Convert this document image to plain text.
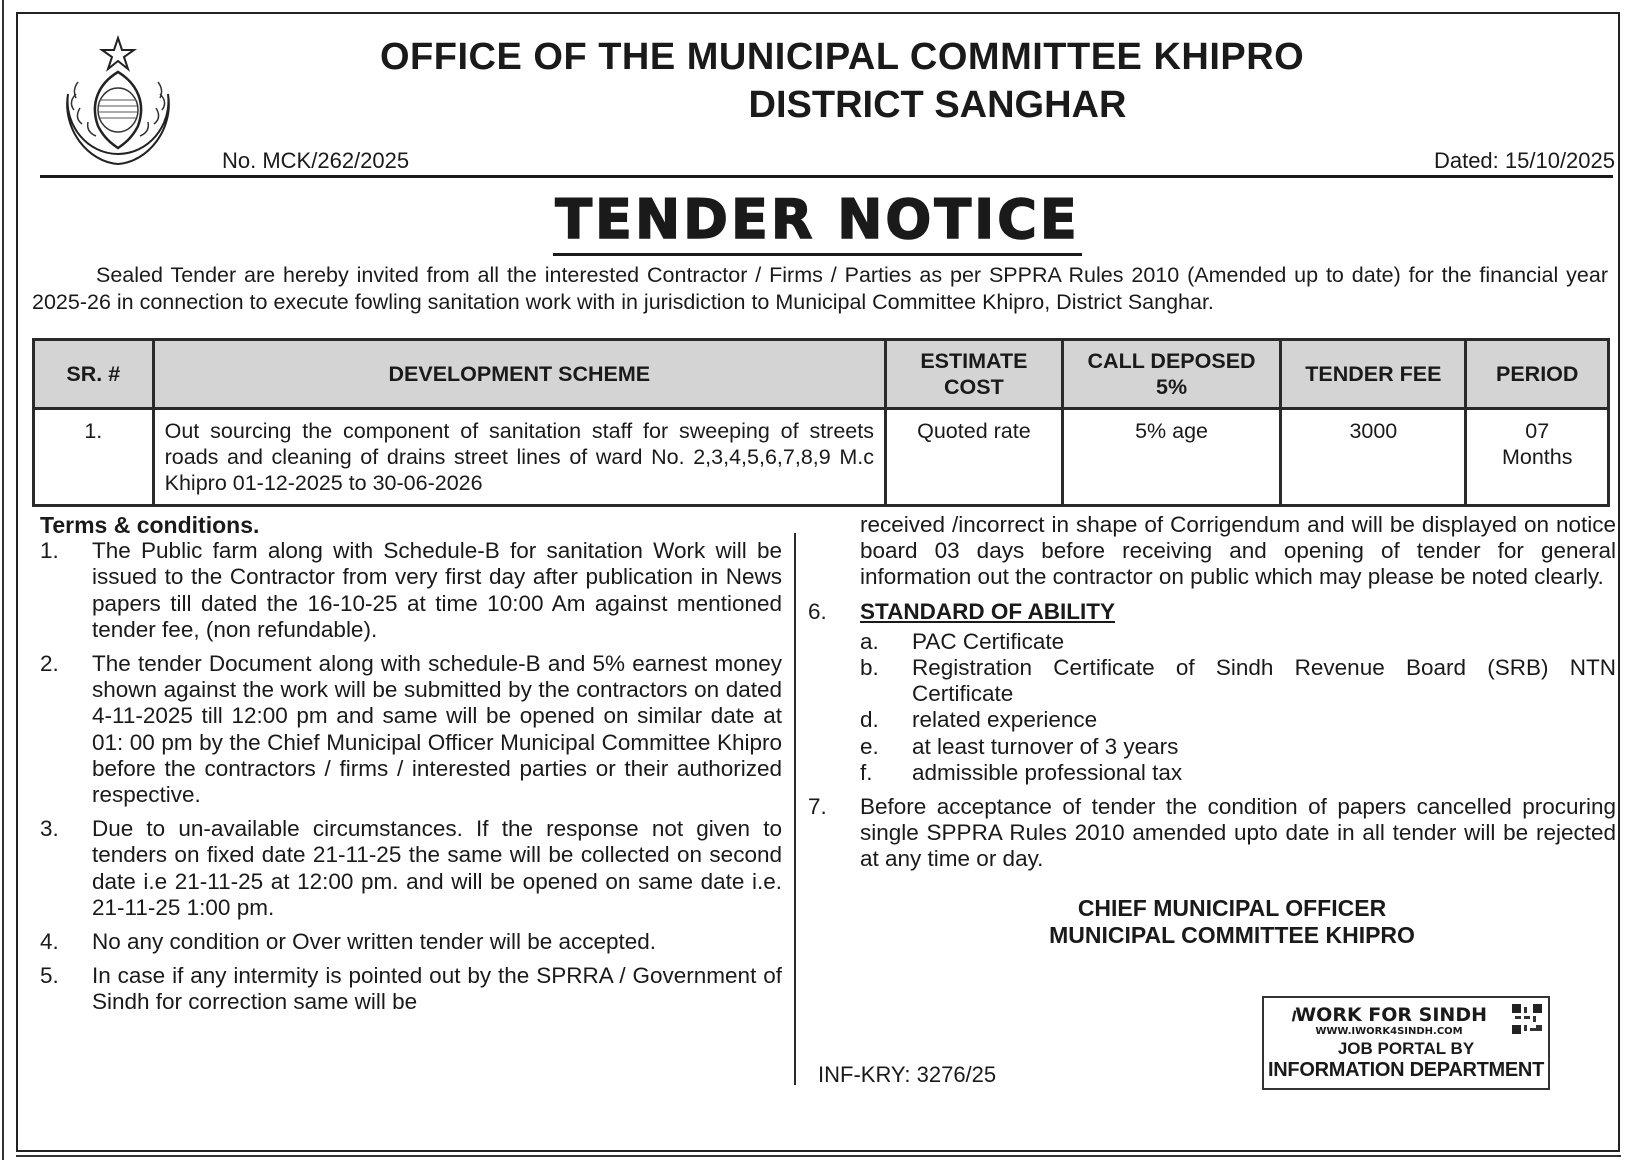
OFFICE OF THE MUNICIPAL COMMITTEE KHIPRO
DISTRICT SANGHAR
No. MCK/262/2025	Dated: 15/10/2025
TENDER NOTICE
Sealed Tender are hereby invited from all the interested Contractor / Firms / Parties as per SPPRA Rules 2010 (Amended up to date) for the financial year 2025-26 in connection to execute fowling sanitation work with in jurisdiction to Municipal Committee Khipro, District Sanghar.
SR. #	DEVELOPMENT SCHEME	ESTIMATE COST	CALL DEPOSED 5%	TENDER FEE	PERIOD
1.	Out sourcing the component of sanitation staff for sweeping of streets roads and cleaning of drains street lines of ward No. 2,3,4,5,6,7,8,9 M.c Khipro 01-12-2025 to 30-06-2026	Quoted rate	5% age	3000	07 Months
Terms & conditions.
1.	The Public farm along with Schedule-B for sanitation Work will be issued to the Contractor from very first day after publication in News papers till dated the 16-10-25 at time 10:00 Am against mentioned tender fee, (non refundable).
2.	The tender Document along with schedule-B and 5% earnest money shown against the work will be submitted by the contractors on dated 4-11-2025 till 12:00 pm and same will be opened on similar date at 01: 00 pm by the Chief Municipal Officer Municipal Committee Khipro before the contractors / firms / interested parties or their authorized respective.
3.	Due to un-available circumstances. If the response not given to tenders on fixed date 21-11-25 the same will be collected on second date i.e 21-11-25 at 12:00 pm. and will be opened on same date i.e. 21-11-25 1:00 pm.
4.	No any condition or Over written tender will be accepted.
5.	In case if any intermity is pointed out by the SPRRA / Government of Sindh for correction same will be
received /incorrect in shape of Corrigendum and will be displayed on notice board 03 days before receiving and opening of tender for general information out the contractor on public which may please be noted clearly.
6.	STANDARD OF ABILITY
a.	PAC Certificate
b.	Registration Certificate of Sindh Revenue Board (SRB) NTN Certificate
d.	related experience
e.	at least turnover of 3 years
f.	admissible professional tax
7.	Before acceptance of tender the condition of papers cancelled procuring single SPPRA Rules 2010 amended upto date in all tender will be rejected at any time or day.
CHIEF MUNICIPAL OFFICER
MUNICIPAL COMMITTEE KHIPRO
INF-KRY: 3276/25
𝚤WORK FOR SINDH
WWW.IWORK4SINDH.COM
JOB PORTAL BY
INFORMATION DEPARTMENT
